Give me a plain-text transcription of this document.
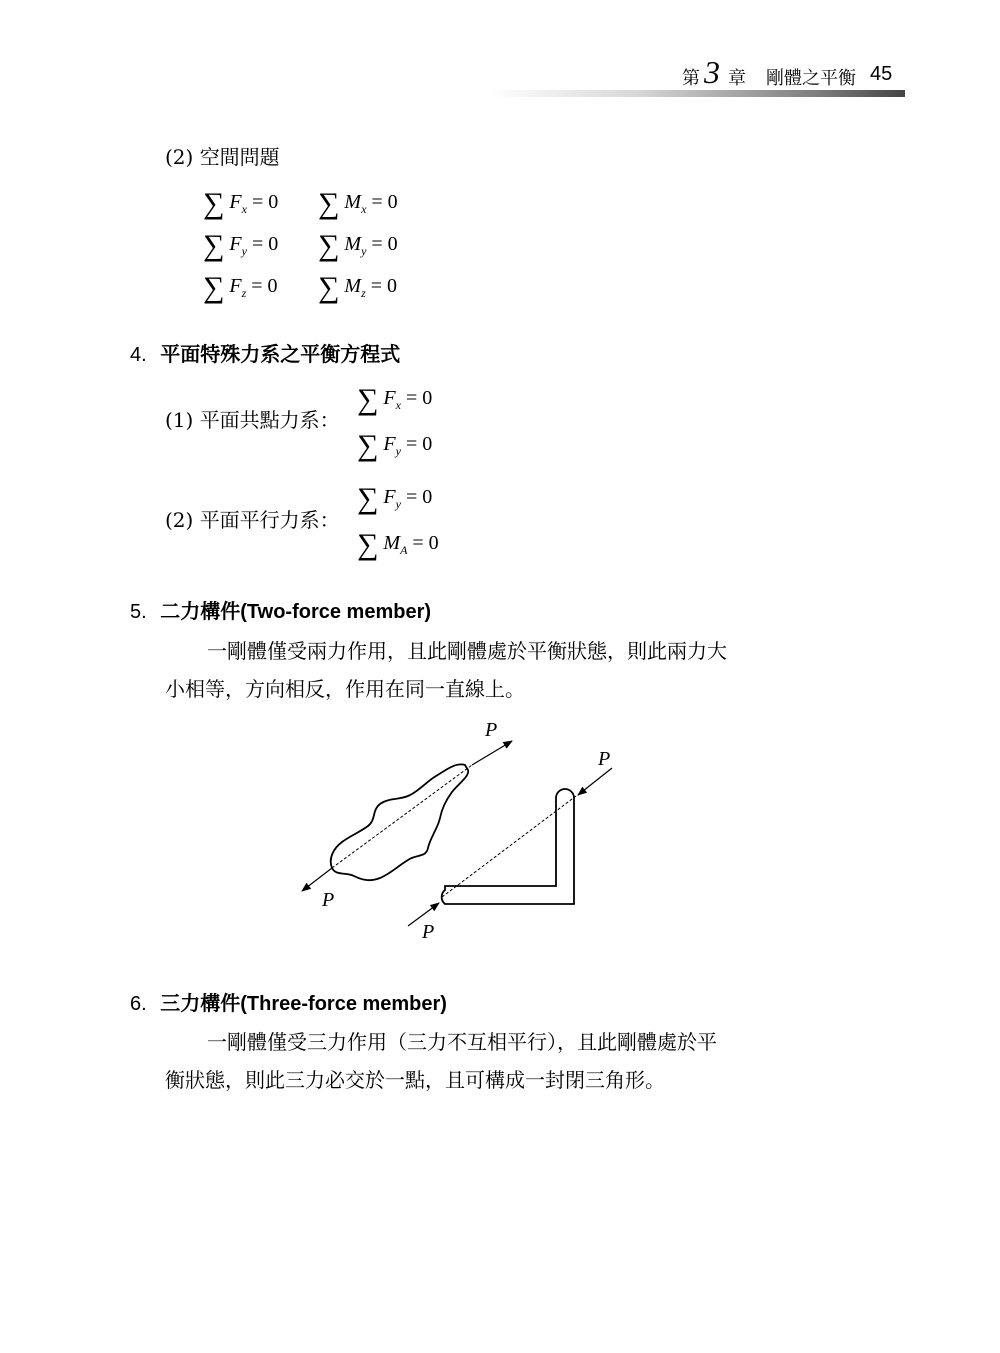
第 3 章 剛體之平衡 45
(2) 空間問題
∑ $F_x = 0$ ∑ $M_x = 0$
∑ $F_y = 0$ ∑ $M_y = 0$
∑ $F_z = 0$ ∑ $M_z = 0$
4. 平面特殊力系之平衡方程式
(1) 平面共點力系：
∑ $F_x = 0$
∑ $F_y = 0$
(2) 平面平行力系：
∑ $F_y = 0$
∑ $M_A = 0$
5. 二力構件(Two-force member)
一剛體僅受兩力作用，且此剛體處於平衡狀態，則此兩力大
小相等，方向相反，作用在同一直線上。
P
P
P
P
6. 三力構件(Three-force member)
一剛體僅受三力作用（三力不互相平行），且此剛體處於平
衡狀態，則此三力必交於一點，且可構成一封閉三角形。
